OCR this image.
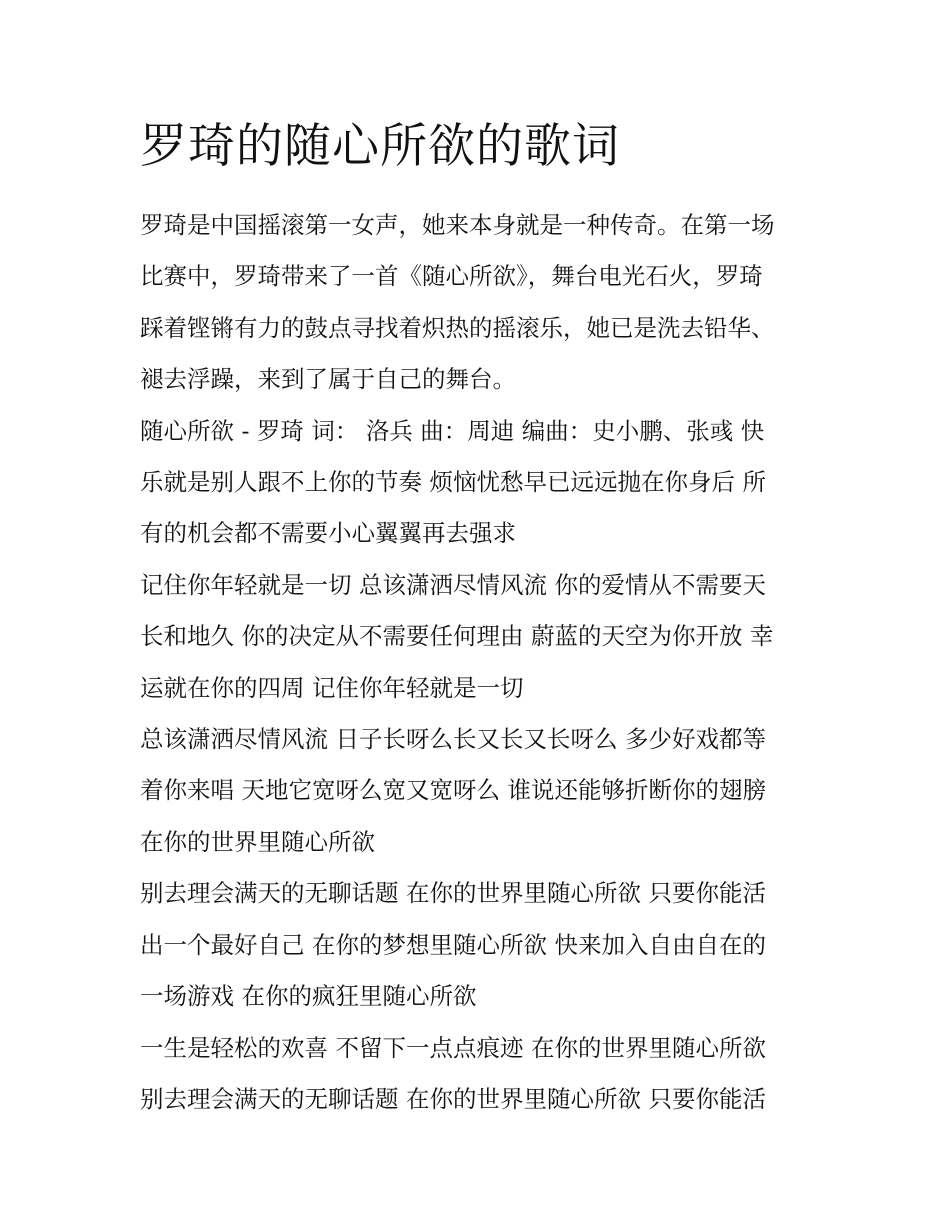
罗琦的随心所欲的歌词
罗琦是中国摇滚第一女声，她来本身就是一种传奇。在第一场
比赛中，罗琦带来了一首《随心所欲》，舞台电光石火，罗琦
踩着铿锵有力的鼓点寻找着炽热的摇滚乐，她已是洗去铅华、
褪去浮躁，来到了属于自己的舞台。
随心所欲 - 罗琦 词： 洛兵 曲：周迪 编曲：史小鹏、张彧 快
乐就是别人跟不上你的节奏 烦恼忧愁早已远远抛在你身后 所
有的机会都不需要小心翼翼再去强求
记住你年轻就是一切 总该潇洒尽情风流 你的爱情从不需要天
长和地久 你的决定从不需要任何理由 蔚蓝的天空为你开放 幸
运就在你的四周 记住你年轻就是一切
总该潇洒尽情风流 日子长呀么长又长又长呀么 多少好戏都等
着你来唱 天地它宽呀么宽又宽呀么 谁说还能够折断你的翅膀
在你的世界里随心所欲
别去理会满天的无聊话题 在你的世界里随心所欲 只要你能活
出一个最好自己 在你的梦想里随心所欲 快来加入自由自在的
一场游戏 在你的疯狂里随心所欲
一生是轻松的欢喜 不留下一点点痕迹 在你的世界里随心所欲
别去理会满天的无聊话题 在你的世界里随心所欲 只要你能活
